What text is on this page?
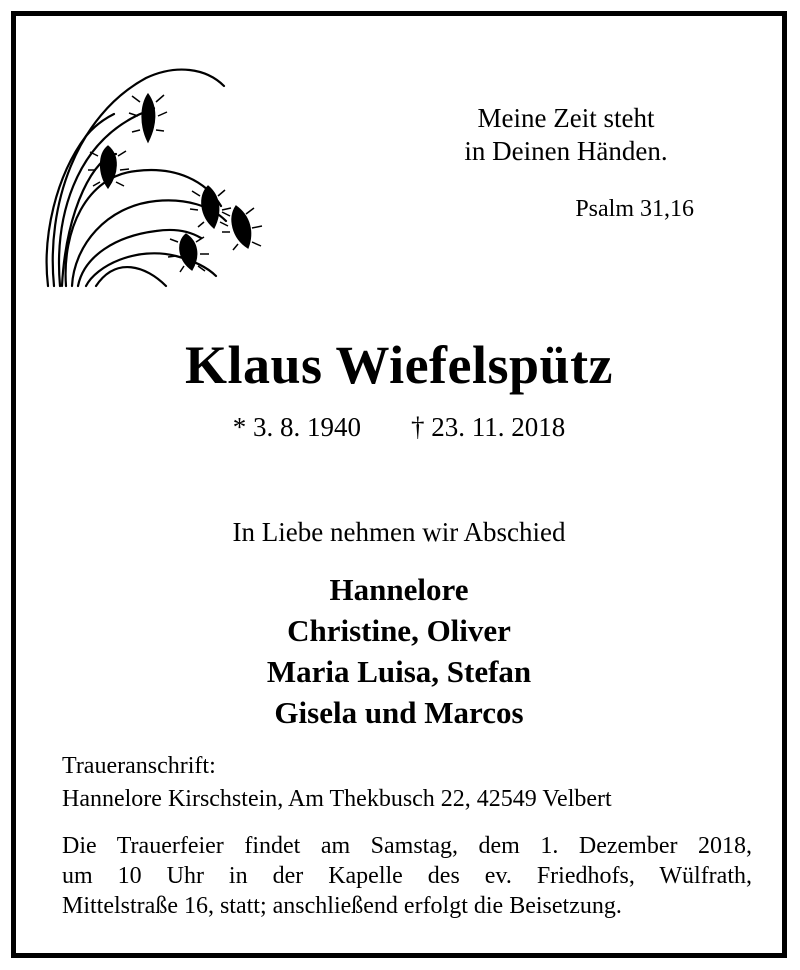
Meine Zeit steht
in Deinen Händen.
Psalm 31,16
Klaus Wiefelspütz
* 3. 8. 1940 † 23. 11. 2018
In Liebe nehmen wir Abschied
Hannelore
Christine, Oliver
Maria Luisa, Stefan
Gisela und Marcos
Traueranschrift:
Hannelore Kirschstein, Am Thekbusch 22, 42549 Velbert
Die Trauerfeier findet am Samstag, dem 1. Dezember 2018,
um 10 Uhr in der Kapelle des ev. Friedhofs, Wülfrath,
Mittelstraße 16, statt; anschließend erfolgt die Beisetzung.
